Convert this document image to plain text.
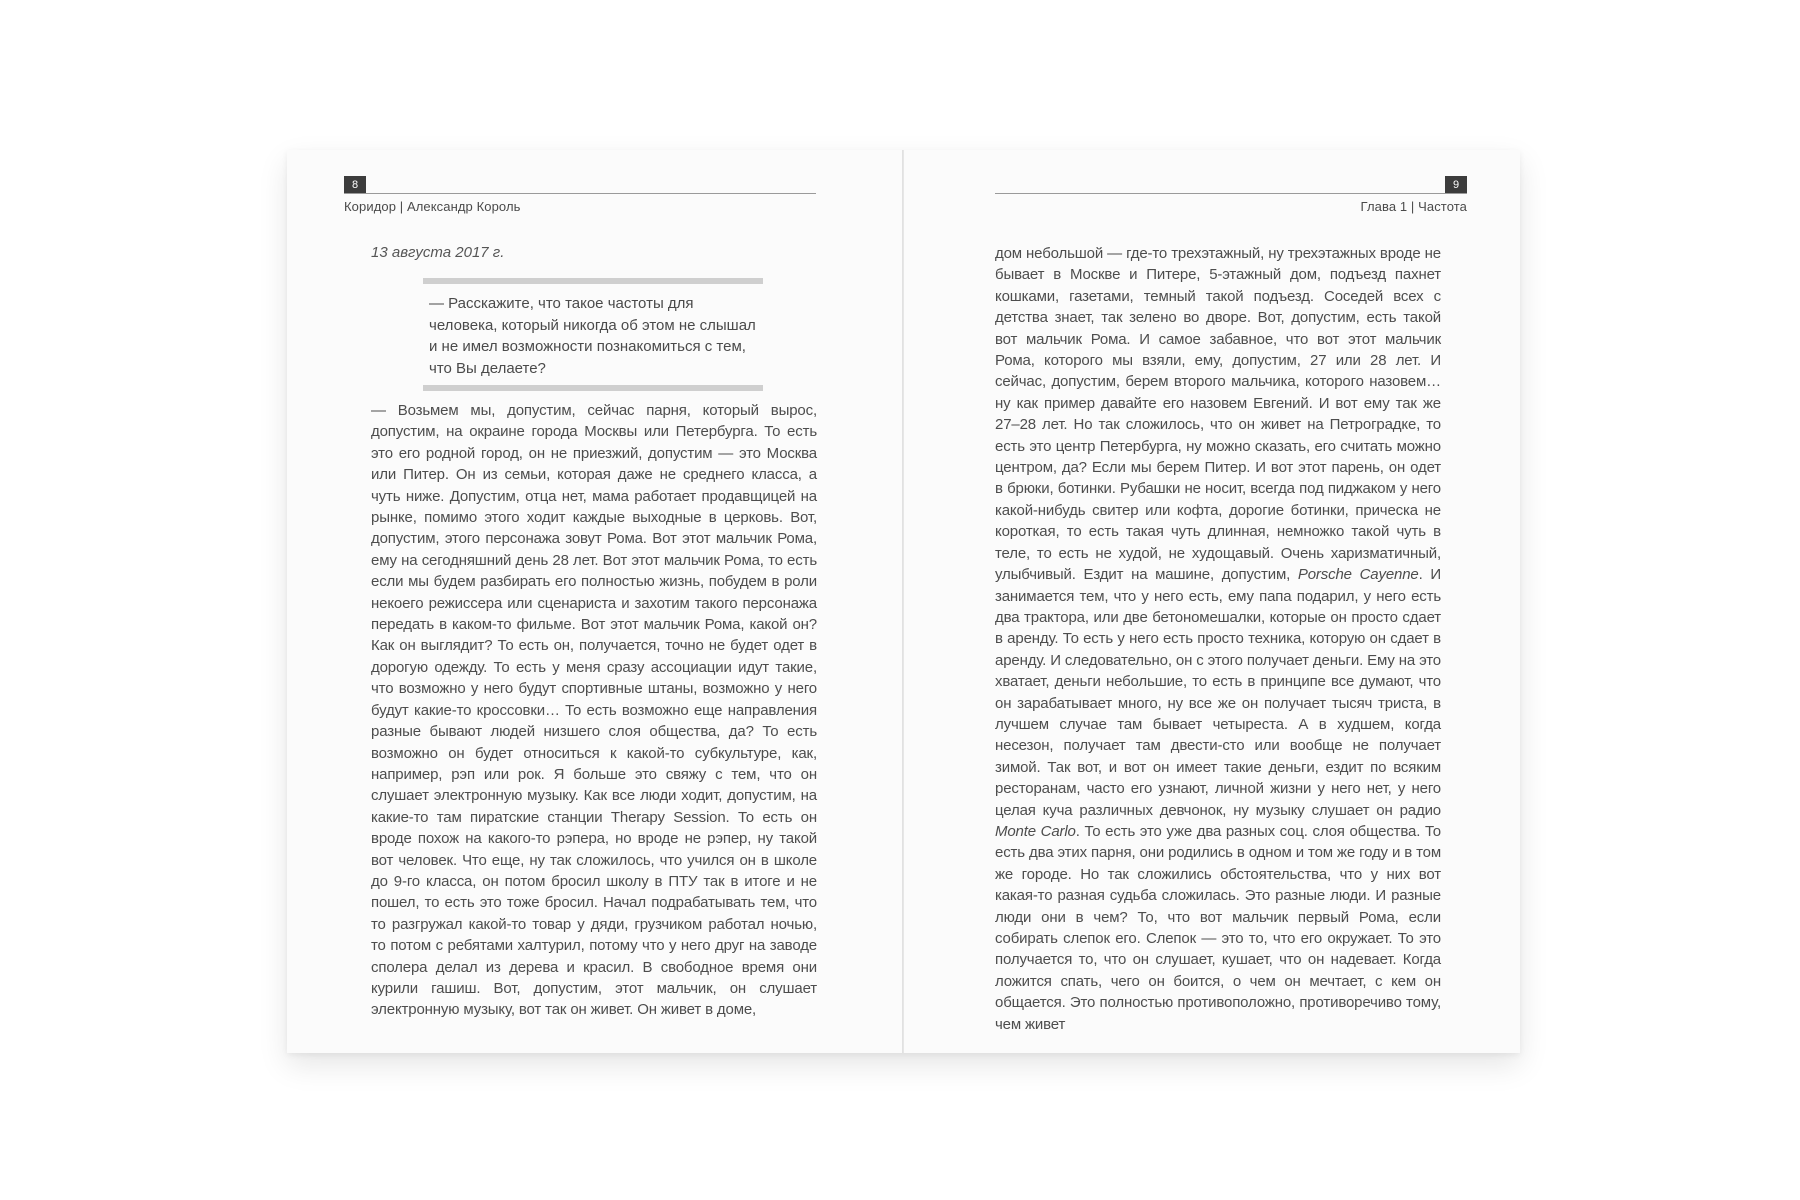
8
Коридор | Александр Король
13 августа 2017 г.
— Расскажите, что такое частоты для человека, который никогда об этом не слышал и не имел возможности познакомиться с тем, что Вы делаете?
— Возьмем мы, допустим, сейчас парня, который вырос, допустим, на окраине города Москвы или Петербурга. То есть это его родной город, он не приезжий, допустим — это Москва или Питер. Он из семьи, которая даже не среднего класса, а чуть ниже. Допустим, отца нет, мама работает продавщицей на рынке, помимо этого ходит каждые выходные в церковь. Вот, допустим, этого персонажа зовут Рома. Вот этот мальчик Рома, ему на сегодняшний день 28 лет. Вот этот мальчик Рома, то есть если мы будем разбирать его полностью жизнь, побудем в роли некоего режиссера или сценариста и захотим такого персонажа передать в каком-то фильме. Вот этот мальчик Рома, какой он? Как он выглядит? То есть он, получается, точно не будет одет в дорогую одежду. То есть у меня сразу ассоциации идут такие, что возможно у него будут спортивные штаны, возможно у него будут какие-то кроссовки… То есть возможно еще направления разные бывают людей низшего слоя общества, да? То есть возможно он будет относиться к какой-то субкультуре, как, например, рэп или рок. Я больше это свяжу с тем, что он слушает электронную музыку. Как все люди ходит, допустим, на какие-то там пиратские станции Therapy Session. То есть он вроде похож на какого-то рэпера, но вроде не рэпер, ну такой вот человек. Что еще, ну так сложилось, что учился он в школе до 9-го класса, он потом бросил школу в ПТУ так в итоге и не пошел, то есть это тоже бросил. Начал подрабатывать тем, что то разгружал какой-то товар у дяди, грузчиком работал ночью, то потом с ребятами халтурил, потому что у него друг на заводе сполера делал из дерева и красил. В свободное время они курили гашиш. Вот, допустим, этот мальчик, он слушает электронную музыку, вот так он живет. Он живет в доме,
9
Глава 1 | Частота
дом небольшой — где-то трехэтажный, ну трехэтажных вроде не бывает в Москве и Питере, 5-этажный дом, подъезд пахнет кошками, газетами, темный такой подъезд. Соседей всех с детства знает, так зелено во дворе. Вот, допустим, есть такой вот мальчик Рома. И самое забавное, что вот этот мальчик Рома, которого мы взяли, ему, допустим, 27 или 28 лет. И сейчас, допустим, берем второго мальчика, которого назовем… ну как пример давайте его назовем Евгений. И вот ему так же 27–28 лет. Но так сложилось, что он живет на Петроградке, то есть это центр Петербурга, ну можно сказать, его считать можно центром, да? Если мы берем Питер. И вот этот парень, он одет в брюки, ботинки. Рубашки не носит, всегда под пиджаком у него какой-нибудь свитер или кофта, дорогие ботинки, прическа не короткая, то есть такая чуть длинная, немножко такой чуть в теле, то есть не худой, не худощавый. Очень харизматичный, улыбчивый. Ездит на машине, допустим, Porsche Cayenne. И занимается тем, что у него есть, ему папа подарил, у него есть два трактора, или две бетономешалки, которые он просто сдает в аренду. То есть у него есть просто техника, которую он сдает в аренду. И следовательно, он с этого получает деньги. Ему на это хватает, деньги небольшие, то есть в принципе все думают, что он зарабатывает много, ну все же он получает тысяч триста, в лучшем случае там бывает четыреста. А в худшем, когда несезон, получает там двести-сто или вообще не получает зимой. Так вот, и вот он имеет такие деньги, ездит по всяким ресторанам, часто его узнают, личной жизни у него нет, у него целая куча различных девчонок, ну музыку слушает он радио Monte Carlo. То есть это уже два разных соц. слоя общества. То есть два этих парня, они родились в одном и том же году и в том же городе. Но так сложились обстоятельства, что у них вот какая-то разная судьба сложилась. Это разные люди. И разные люди они в чем? То, что вот мальчик первый Рома, если собирать слепок его. Слепок — это то, что его окружает. То это получается то, что он слушает, кушает, что он надевает. Когда ложится спать, чего он боится, о чем он мечтает, с кем он общается. Это полностью противоположно, противоречиво тому, чем живет
